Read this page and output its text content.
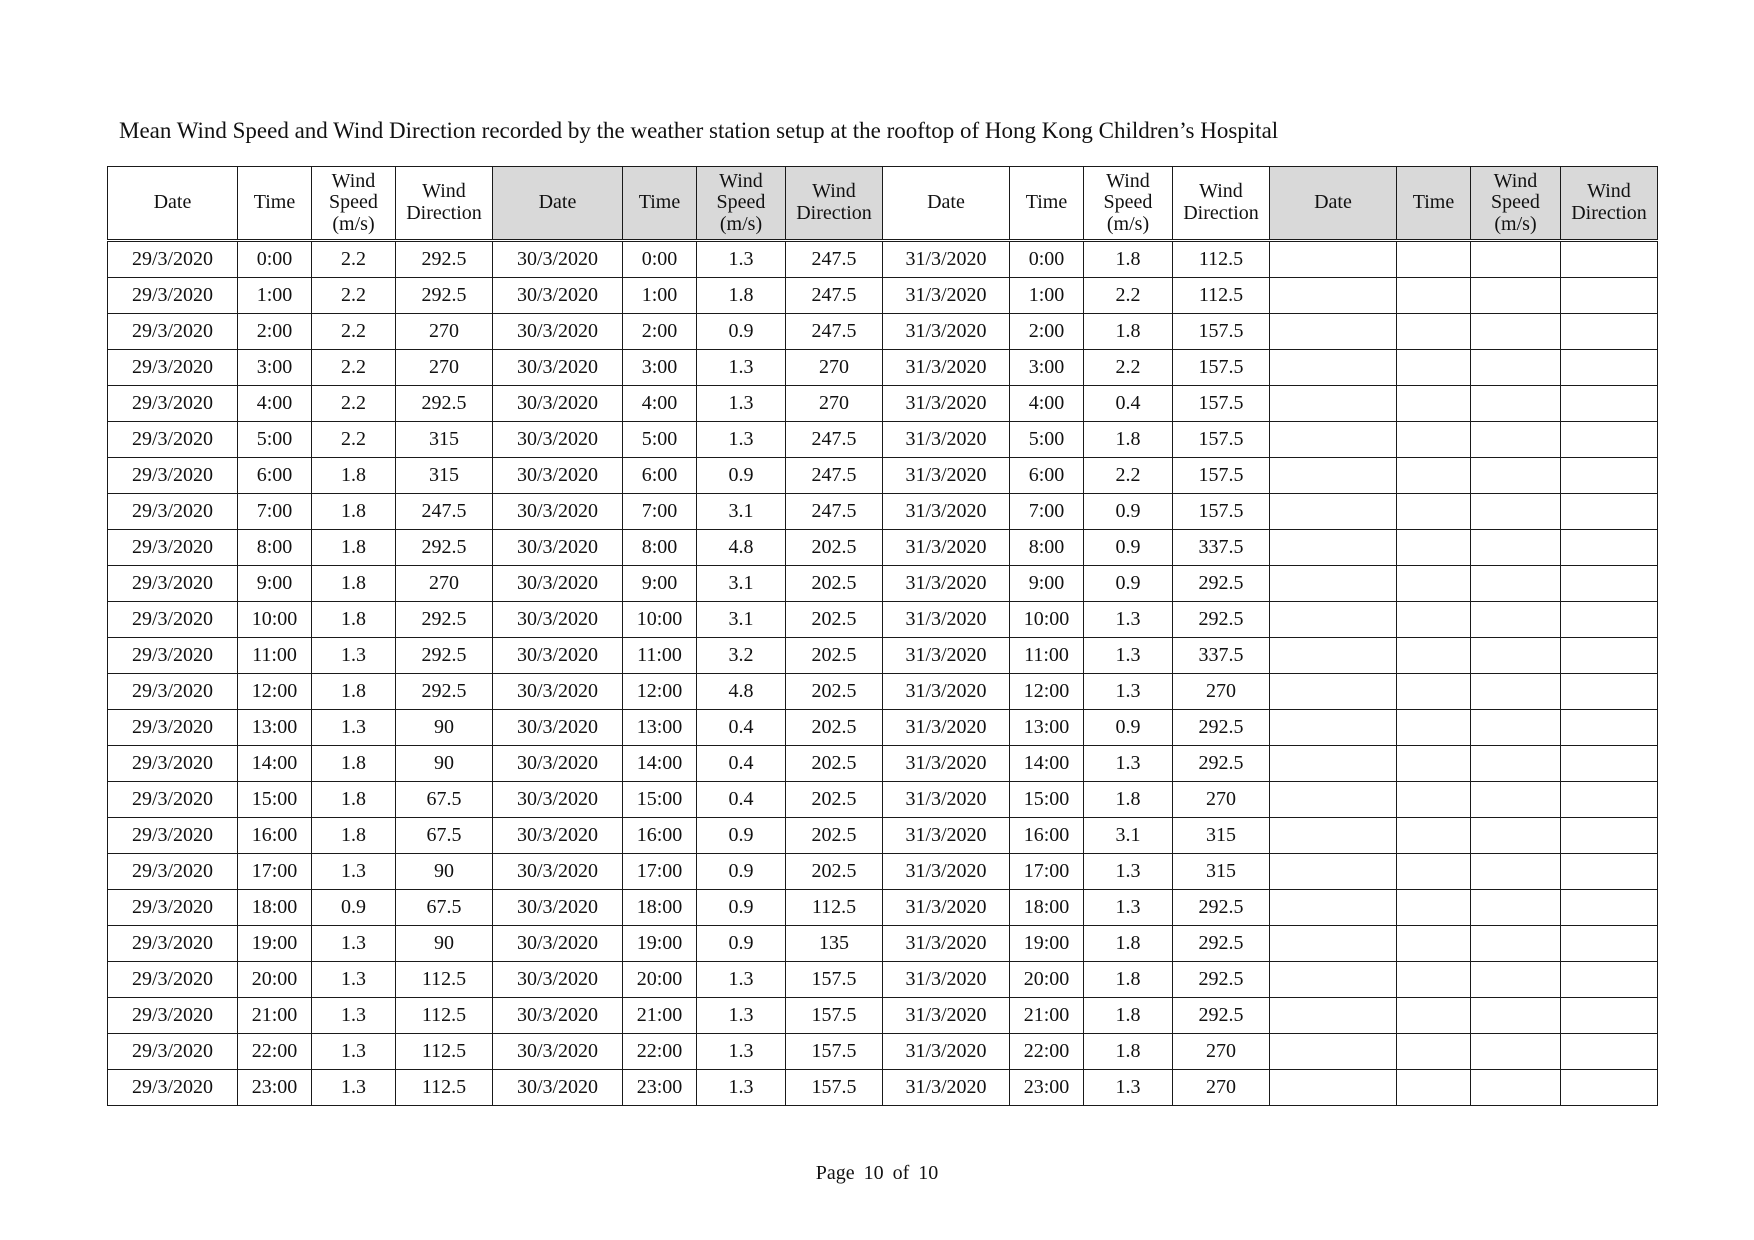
Mean Wind Speed and Wind Direction recorded by the weather station setup at the rooftop of Hong Kong Children’s Hospital
Date	Time	Wind
Speed
(m/s)	Wind
Direction	Date	Time	Wind
Speed
(m/s)	Wind
Direction	Date	Time	Wind
Speed
(m/s)	Wind
Direction	Date	Time	Wind
Speed
(m/s)	Wind
Direction

29/3/2020	0:00	2.2	292.5	30/3/2020	0:00	1.3	247.5	31/3/2020	0:00	1.8	112.5				
29/3/2020	1:00	2.2	292.5	30/3/2020	1:00	1.8	247.5	31/3/2020	1:00	2.2	112.5				
29/3/2020	2:00	2.2	270	30/3/2020	2:00	0.9	247.5	31/3/2020	2:00	1.8	157.5				
29/3/2020	3:00	2.2	270	30/3/2020	3:00	1.3	270	31/3/2020	3:00	2.2	157.5				
29/3/2020	4:00	2.2	292.5	30/3/2020	4:00	1.3	270	31/3/2020	4:00	0.4	157.5				
29/3/2020	5:00	2.2	315	30/3/2020	5:00	1.3	247.5	31/3/2020	5:00	1.8	157.5				
29/3/2020	6:00	1.8	315	30/3/2020	6:00	0.9	247.5	31/3/2020	6:00	2.2	157.5				
29/3/2020	7:00	1.8	247.5	30/3/2020	7:00	3.1	247.5	31/3/2020	7:00	0.9	157.5				
29/3/2020	8:00	1.8	292.5	30/3/2020	8:00	4.8	202.5	31/3/2020	8:00	0.9	337.5				
29/3/2020	9:00	1.8	270	30/3/2020	9:00	3.1	202.5	31/3/2020	9:00	0.9	292.5				
29/3/2020	10:00	1.8	292.5	30/3/2020	10:00	3.1	202.5	31/3/2020	10:00	1.3	292.5				
29/3/2020	11:00	1.3	292.5	30/3/2020	11:00	3.2	202.5	31/3/2020	11:00	1.3	337.5				
29/3/2020	12:00	1.8	292.5	30/3/2020	12:00	4.8	202.5	31/3/2020	12:00	1.3	270				
29/3/2020	13:00	1.3	90	30/3/2020	13:00	0.4	202.5	31/3/2020	13:00	0.9	292.5				
29/3/2020	14:00	1.8	90	30/3/2020	14:00	0.4	202.5	31/3/2020	14:00	1.3	292.5				
29/3/2020	15:00	1.8	67.5	30/3/2020	15:00	0.4	202.5	31/3/2020	15:00	1.8	270				
29/3/2020	16:00	1.8	67.5	30/3/2020	16:00	0.9	202.5	31/3/2020	16:00	3.1	315				
29/3/2020	17:00	1.3	90	30/3/2020	17:00	0.9	202.5	31/3/2020	17:00	1.3	315				
29/3/2020	18:00	0.9	67.5	30/3/2020	18:00	0.9	112.5	31/3/2020	18:00	1.3	292.5				
29/3/2020	19:00	1.3	90	30/3/2020	19:00	0.9	135	31/3/2020	19:00	1.8	292.5				
29/3/2020	20:00	1.3	112.5	30/3/2020	20:00	1.3	157.5	31/3/2020	20:00	1.8	292.5				
29/3/2020	21:00	1.3	112.5	30/3/2020	21:00	1.3	157.5	31/3/2020	21:00	1.8	292.5				
29/3/2020	22:00	1.3	112.5	30/3/2020	22:00	1.3	157.5	31/3/2020	22:00	1.8	270				
29/3/2020	23:00	1.3	112.5	30/3/2020	23:00	1.3	157.5	31/3/2020	23:00	1.3	270				
Page 10 of 10
